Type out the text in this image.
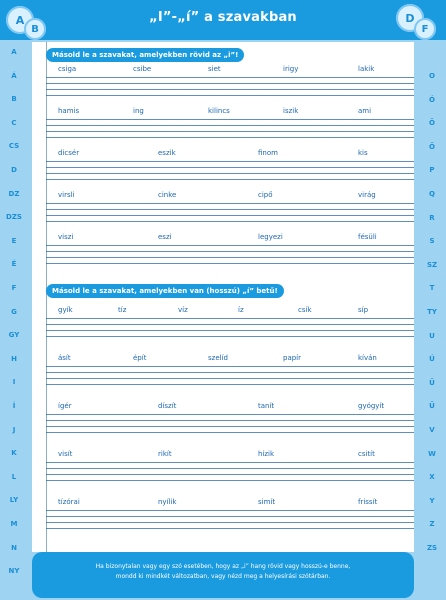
„I”-„í” a szavakban
A
B
D
F
A
Á
B
C
CS
D
DZ
DZS
E
É
F
G
GY
H
I
Í
J
K
L
LY
M
N
NY
O
Ó
Ö
Ő
P
Q
R
S
SZ
T
TY
U
Ú
Ü
Ű
V
W
X
Y
Z
ZS
Másold le a szavakat, amelyekben rövid az „i”!
csiga	csibe	siet	irigy	lakik
hamis	ing	kilincs	iszik	ami
dicsér	eszik	finom	kis
virsli	cinke	cipő	virág
viszi	eszi	legyezi	fésüli
Másold le a szavakat, amelyekben van (hosszú) „í” betű!
gyík	tíz	víz	íz	csík	síp
ásít	épít	szelíd	papír	kíván
ígér	díszít	tanít	gyógyít
visít	rikít	hízik	csitít
tízórai	nyílik	simít	frissít
Ha bizonytalan vagy egy szó esetében, hogy az „i” hang rövid vagy hosszú-e benne,
mondd ki mindkét változatban, vagy nézd meg a helyesírási szótárban.
